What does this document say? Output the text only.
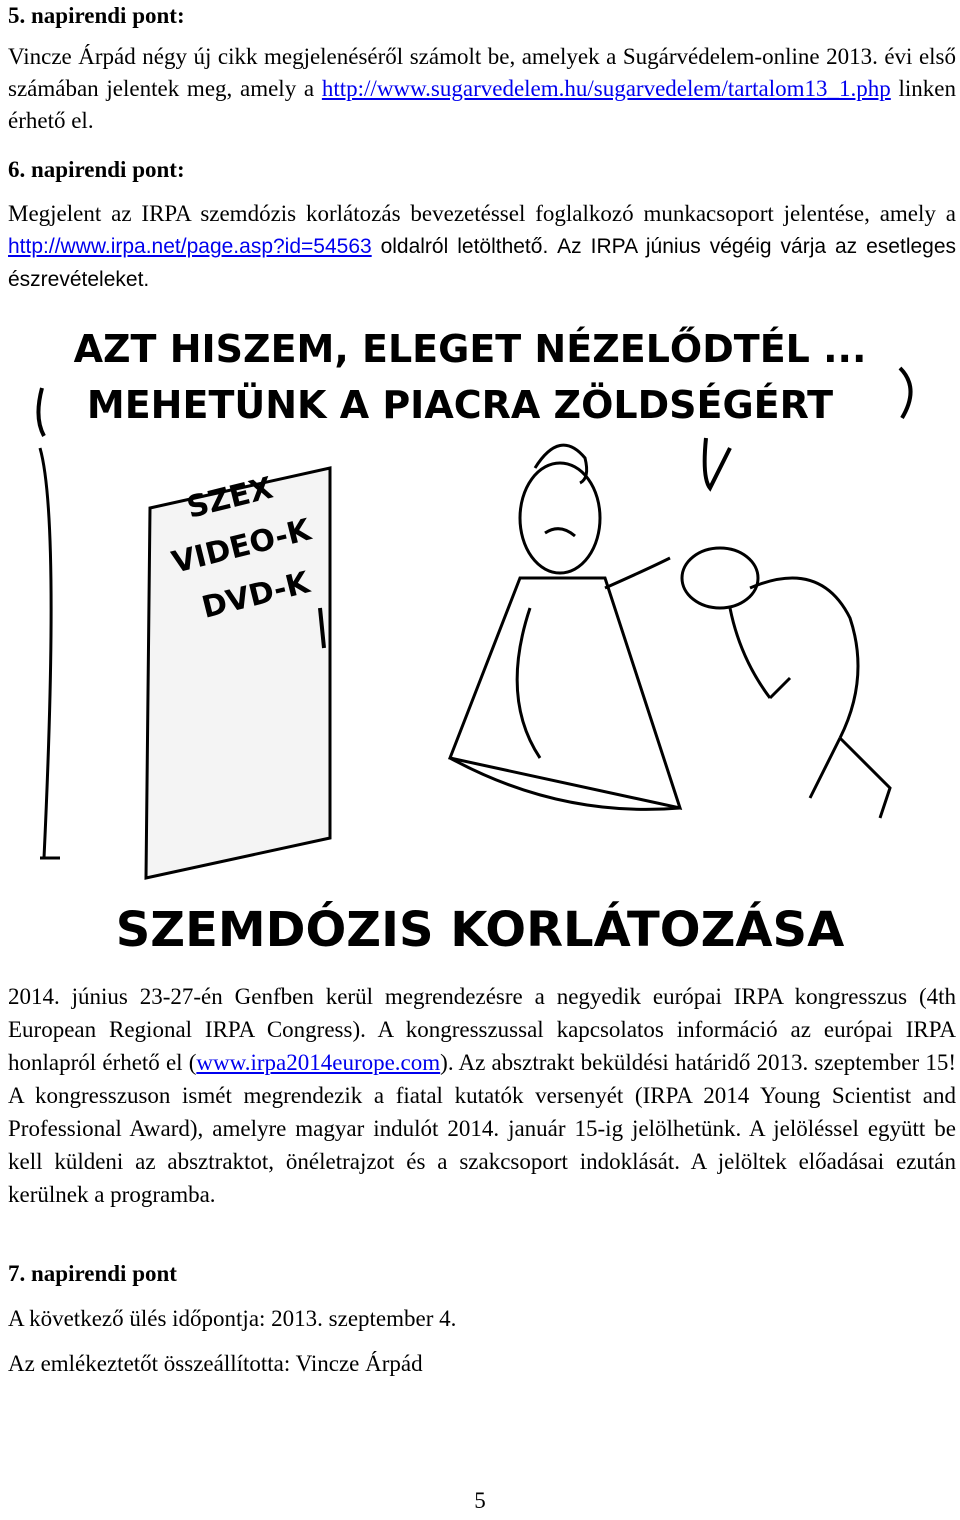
5. napirendi pont:

Vincze Árpád négy új cikk megjelenéséről számolt be, amelyek a Sugárvédelem-online 2013. évi első számában jelentek meg, amely a http://www.sugarvedelem.hu/sugarvedelem/tartalom13_1.php linken érhető el.

6. napirendi pont:

Megjelent az IRPA szemdózis korlátozás bevezetéssel foglalkozó munkacsoport jelentése, amely a http://www.irpa.net/page.asp?id=54563 oldalról letölthető. Az IRPA június végéig várja az esetleges észrevételeket.

AZT HISZEM, ELEGET NÉZELŐDTÉL ...
MEHETÜNK A PIACRA ZÖLDSÉGÉRT
SZEX
VIDEO-K
DVD-K
SZEMDÓZIS KORLÁTOZÁSA

2014. június 23-27-én Genfben kerül megrendezésre a negyedik európai IRPA kongresszus (4th European Regional IRPA Congress). A kongresszussal kapcsolatos információ az európai IRPA honlapról érhető el (www.irpa2014europe.com). Az absztrakt beküldési határidő 2013. szeptember 15! A kongresszuson ismét megrendezik a fiatal kutatók versenyét (IRPA 2014 Young Scientist and Professional Award), amelyre magyar indulót 2014. január 15-ig jelölhetünk. A jelöléssel együtt be kell küldeni az absztraktot, önéletrajzot és a szakcsoport indoklását. A jelöltek előadásai ezután kerülnek a programba.

7. napirendi pont

A következő ülés időpontja: 2013. szeptember 4.

Az emlékeztetőt összeállította: Vincze Árpád

5
